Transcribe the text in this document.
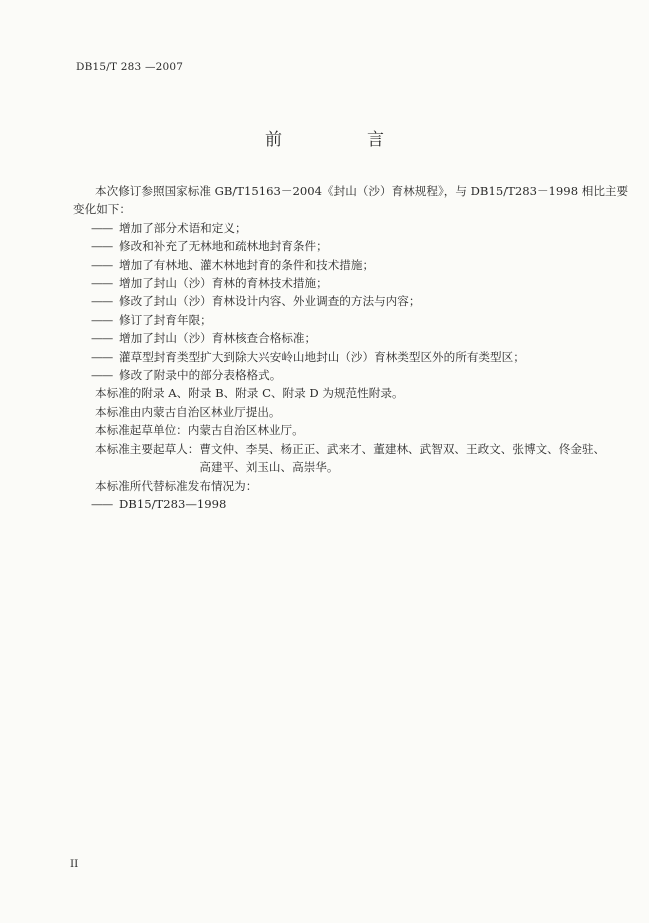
DB15/T 283 —2007
前　言

本次修订参照国家标准 GB/T15163－2004《封山（沙）育林规程》，与 DB15/T283－1998 相比主要

变化如下：

—— 增加了部分术语和定义；

—— 修改和补充了无林地和疏林地封育条件；

—— 增加了有林地、灌木林地封育的条件和技术措施；

—— 增加了封山（沙）育林的育林技术措施；

—— 修改了封山（沙）育林设计内容、外业调查的方法与内容；

—— 修订了封育年限；

—— 增加了封山（沙）育林核查合格标准；

—— 灌草型封育类型扩大到除大兴安岭山地封山（沙）育林类型区外的所有类型区；

—— 修改了附录中的部分表格格式。

本标准的附录 A、附录 B、附录 C、附录 D 为规范性附录。

本标准由内蒙古自治区林业厅提出。

本标准起草单位：内蒙古自治区林业厅。

本标准主要起草人： 曹文仲、李昊、杨正正、武来才、董建林、武智双、王政文、张博文、佟金驻、高建平、刘玉山、高崇华。

本标准所代替标准发布情况为：

—— DB15/T283—1998

II
